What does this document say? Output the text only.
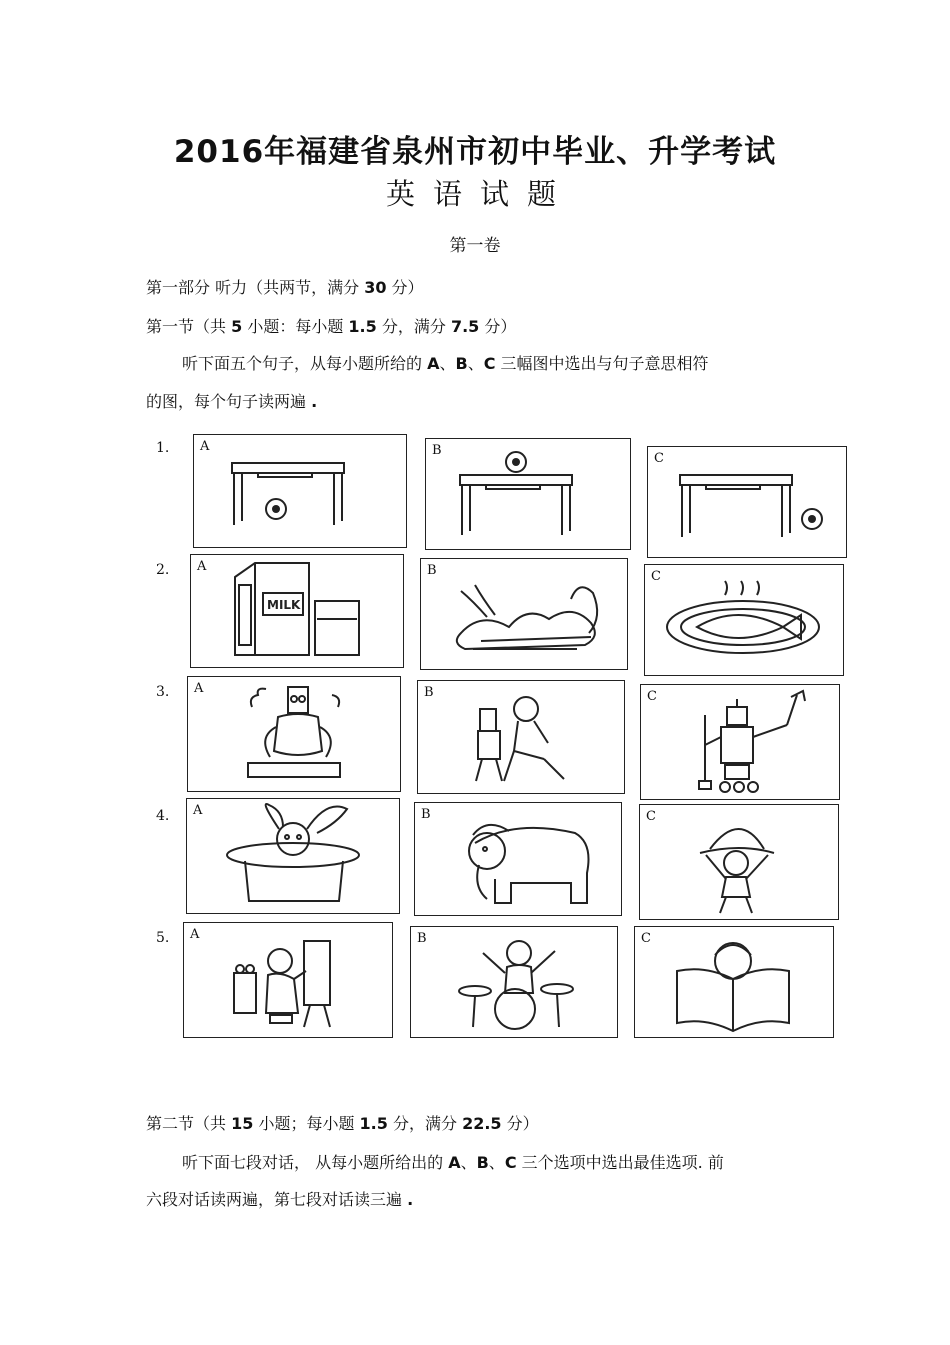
2016年福建省泉州市初中毕业、升学考试
英语试题
第一卷
第一部分 听力（共两节，满分 30 分）
第一节（共 5 小题：每小题 1.5 分，满分 7.5 分）
听下面五个句子，从每小题所给的 A、B、C 三幅图中选出与句子意思相符
的图，每个句子读两遍 .
1. A	B
C
2. A
MILK
B	C
3. A	B	C
4. A	B	C
5. A	B	C
第二节（共 15 小题；每小题 1.5 分，满分 22.5 分）
听下面七段对话， 从每小题所给出的 A、B、C 三个选项中选出最佳选项. 前
六段对话读两遍，第七段对话读三遍 .
